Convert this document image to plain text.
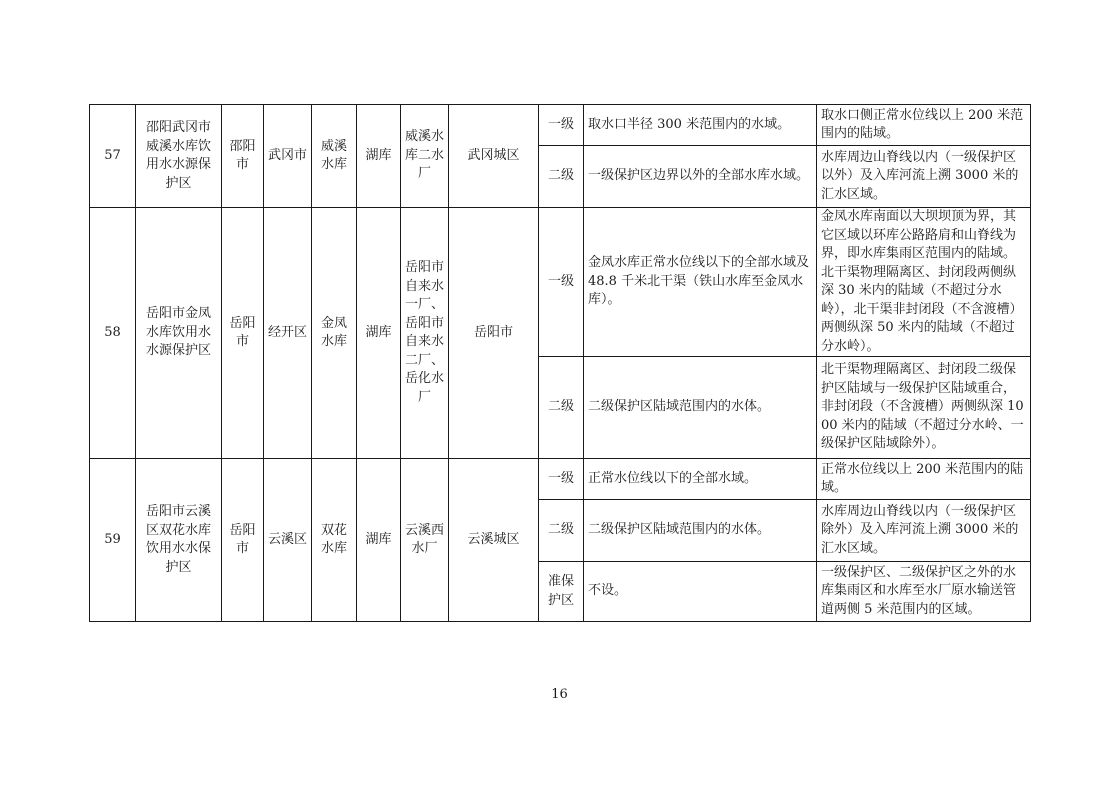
57	邵阳武冈市威溪水库饮用水水源保护区	邵阳市	武冈市	威溪水库	湖库	威溪水库二水厂	武冈城区	一级	取水口半径 300 米范围内的水域。	取水口侧正常水位线以上 200 米范围内的陆域。
								二级	一级保护区边界以外的全部水库水域。	水库周边山脊线以内（一级保护区以外）及入库河流上溯 3000 米的汇水区域。
58	岳阳市金凤水库饮用水水源保护区	岳阳市	经开区	金凤水库	湖库	岳阳市自来水一厂、岳阳市自来水二厂、岳化水厂	岳阳市	一级	金凤水库正常水位线以下的全部水域及 48.8 千米北干渠（铁山水库至金凤水库）。	金凤水库南面以大坝坝顶为界，其它区域以环库公路路肩和山脊线为界，即水库集雨区范围内的陆域。北干渠物理隔离区、封闭段两侧纵深 30 米内的陆域（不超过分水岭），北干渠非封闭段（不含渡槽）两侧纵深 50 米内的陆域（不超过分水岭）。
								二级	二级保护区陆域范围内的水体。	北干渠物理隔离区、封闭段二级保护区陆域与一级保护区陆域重合，非封闭段（不含渡槽）两侧纵深 1000 米内的陆域（不超过分水岭、一级保护区陆域除外）。
59	岳阳市云溪区双花水库饮用水水保护区	岳阳市	云溪区	双花水库	湖库	云溪西水厂	云溪城区	一级	正常水位线以下的全部水域。	正常水位线以上 200 米范围内的陆域。
								二级	二级保护区陆域范围内的水体。	水库周边山脊线以内（一级保护区除外）及入库河流上溯 3000 米的汇水区域。
								准保护区	不设。	一级保护区、二级保护区之外的水库集雨区和水库至水厂原水输送管道两侧 5 米范围内的区域。
16
